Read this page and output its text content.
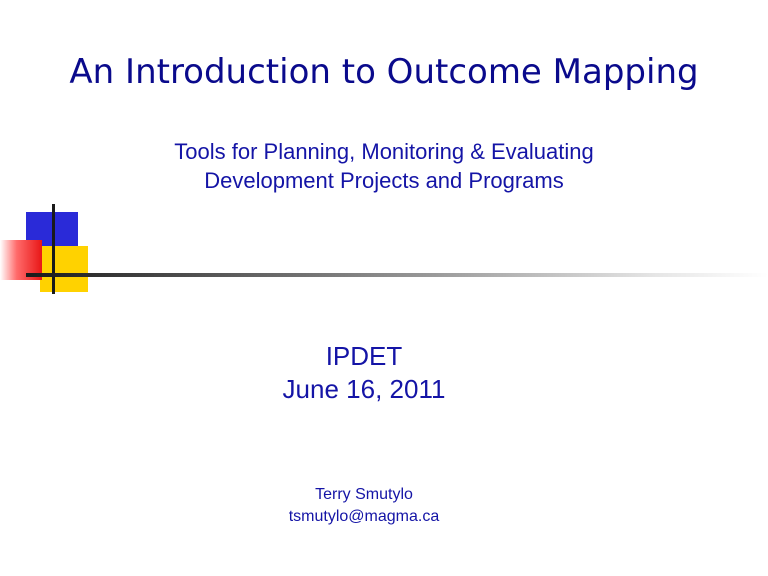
An Introduction to Outcome Mapping
Tools for Planning, Monitoring & Evaluating
Development Projects and Programs
IPDET
June 16, 2011
Terry Smutylo
tsmutylo@magma.ca
